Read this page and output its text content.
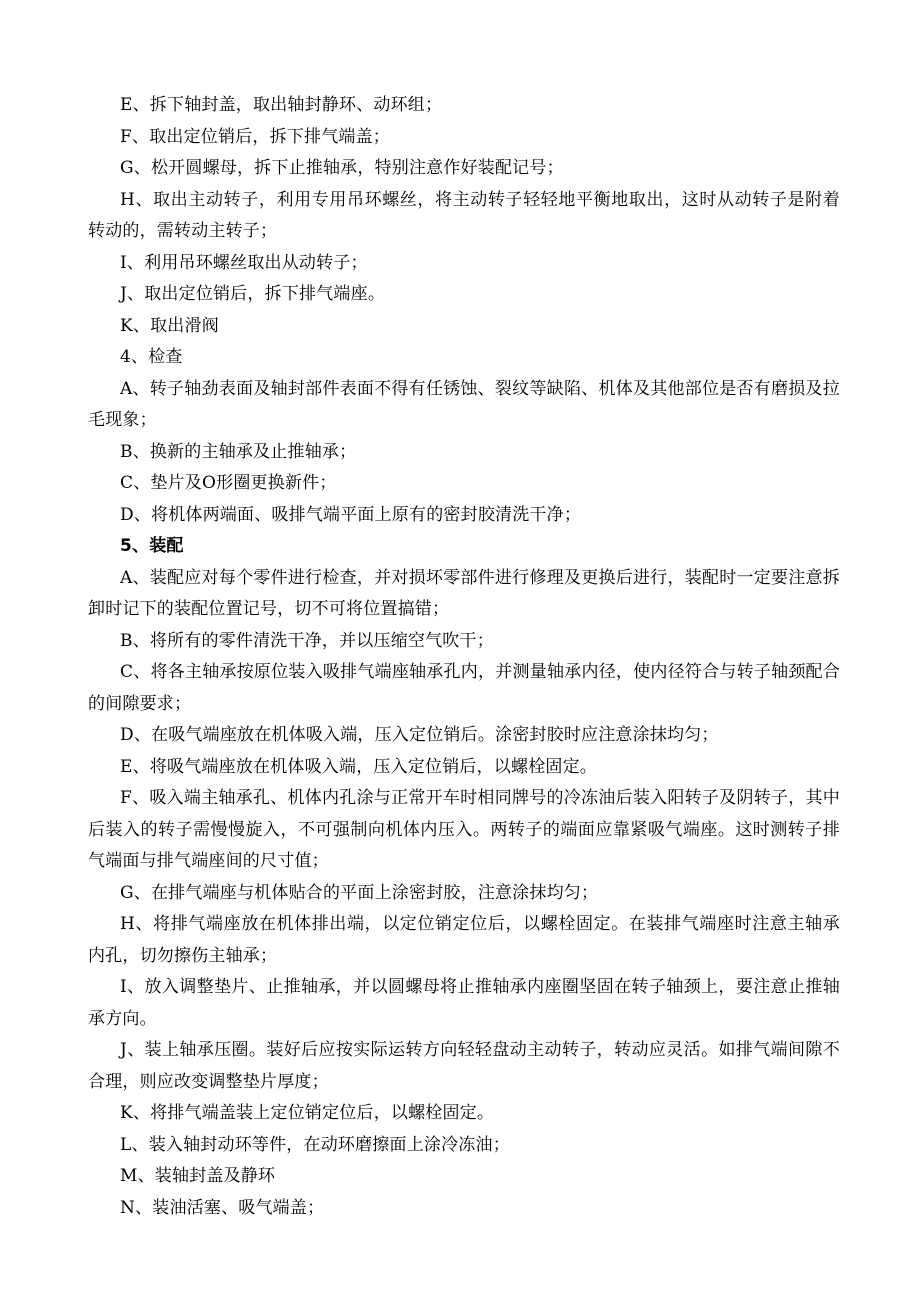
E、拆下轴封盖，取出轴封静环、动环组；

F、取出定位销后，拆下排气端盖；

G、松开圆螺母，拆下止推轴承，特别注意作好装配记号；

H、取出主动转子，利用专用吊环螺丝，将主动转子轻轻地平衡地取出，这时从动转子是附着转动的，需转动主转子；

I、利用吊环螺丝取出从动转子；

J、取出定位销后，拆下排气端座。

K、取出滑阀

4、检查

A、转子轴劲表面及轴封部件表面不得有任锈蚀、裂纹等缺陷、机体及其他部位是否有磨损及拉毛现象；

B、换新的主轴承及止推轴承；

C、垫片及O形圈更换新件；

D、将机体两端面、吸排气端平面上原有的密封胶清洗干净；

5、装配

A、装配应对每个零件进行检查，并对损坏零部件进行修理及更换后进行，装配时一定要注意拆卸时记下的装配位置记号，切不可将位置搞错；

B、将所有的零件清洗干净，并以压缩空气吹干；

C、将各主轴承按原位装入吸排气端座轴承孔内，并测量轴承内径，使内径符合与转子轴颈配合的间隙要求；

D、在吸气端座放在机体吸入端，压入定位销后。涂密封胶时应注意涂抹均匀；

E、将吸气端座放在机体吸入端，压入定位销后，以螺栓固定。

F、吸入端主轴承孔、机体内孔涂与正常开车时相同牌号的冷冻油后装入阳转子及阴转子，其中后装入的转子需慢慢旋入，不可强制向机体内压入。两转子的端面应靠紧吸气端座。这时测转子排气端面与排气端座间的尺寸值；

G、在排气端座与机体贴合的平面上涂密封胶，注意涂抹均匀；

H、将排气端座放在机体排出端，以定位销定位后，以螺栓固定。在装排气端座时注意主轴承内孔，切勿擦伤主轴承；

I、放入调整垫片、止推轴承，并以圆螺母将止推轴承内座圈坚固在转子轴颈上，要注意止推轴承方向。

J、装上轴承压圈。装好后应按实际运转方向轻轻盘动主动转子，转动应灵活。如排气端间隙不合理，则应改变调整垫片厚度；

K、将排气端盖装上定位销定位后，以螺栓固定。

L、装入轴封动环等件，在动环磨擦面上涂冷冻油；

M、装轴封盖及静环

N、装油活塞、吸气端盖；
